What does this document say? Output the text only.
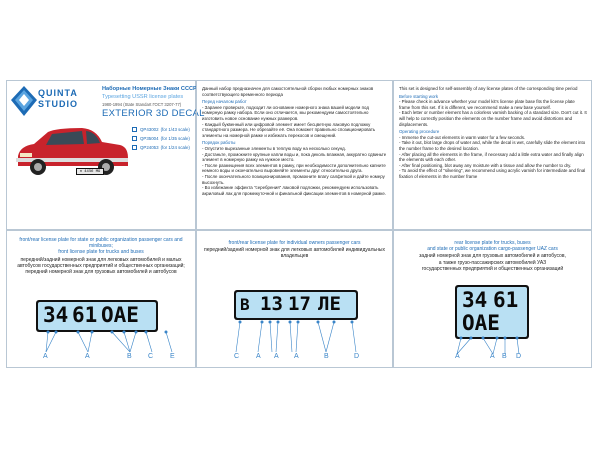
QUINTA
STUDIO
Наборные Номерные Знаки СССР
Typesetting USSR license plates
1980-1994 (State Standart ГОСТ 3207-77)
EXTERIOR 3D DECAL
н 4456 МО
QP43002 (for 1/43 scale)
QP35004 (for 1/35 scale)
QP24053 (for 1/24 scale)
Данный набор предназначен для самостоятельной сборки любых номерных знаков соответствующего временного периода
Перед началом работ
- Заранее проверьте, подходит ли основание номерного знака вашей модели под номерную рамку набора. Если оно отличается, мы рекомендуем самостоятельно изготовить новое основание нужных размеров.
- Каждый буквенный или цифровой элемент имеет бесцветную лаковую подложку стандартного размера. Не обрезайте её. Она поможет правильно спозиционировать элементы на номерной рамке и избежать перекосов и смещений.
Порядок работы
- Опустите вырезанные элементы в теплую воду на несколько секунд.
- Достаньте, промокните крупные капли воды и, пока деколь влажная, аккуратно сдвиньте элемент в номерную рамку на нужное место.
- После размещения всех элементов в рамку, при необходимости дополнительно капните немного воды и окончательно выровняйте элементы друг относительно друга.
- После окончательного позиционирования, промокните влагу салфеткой и дайте номеру высохнуть.
- Во избежание эффекта "серебрения" лаковой подложки, рекомендуем использовать акриловый лак для промежуточной и финальной фиксации элементов в номерной рамке.
This set is designed for self-assembly of any license plates of the corresponding time period
Before starting work
- Please check in advance whether your model kit's license plate base fits the license plate frame from this set. If it is different, we recommend make a new base yourself.
- Each letter or number element has a colorless varnish backing of a standard size. Don't cut it. It will help to correctly position the elements on the number frame and avoid distortions and displacements.
Operating procedure
- Immerse the cut-out elements in warm water for a few seconds.
- Take it out, blot large drops of water and, while the decal is wet, carefully slide the element into the number frame to the desired location.
- After placing all the elements in the frame, if necessary add a little extra water and finally align the elements with each other.
- After final positioning, blot away any moisture with a tissue and allow the number to dry.
- To avoid the effect of "silvering", we recommend using acrylic varnish for intermediate and final fixation of elements in the number frame
front/rear license plate for state or public organization passenger cars and minibuses;
front license plate for trucks and buses
передний/задний номерной знак для легковых автомобилей и малых автобусов государственных предприятий и общественных организаций;
передний номерной знак для грузовых автомобилей и автобусов
34 61 ОАЕ
A	A	B C E
front/rear license plate for individual owners passenger cars
передний/задний номерной знак для легковых автомобилей индивидуальных владельцев
В 13 17 ЛЕ
C A A A	B	D
rear license plate for trucks, buses
and state or public organization cargo-passenger UAZ cars
задний номерной знак для грузовых автомобилей и автобусов,
а также грузо-пассажирских автомобилей УАЗ
государственных предприятий и общественных организаций
34 61
ОАЕ
A	A B D
